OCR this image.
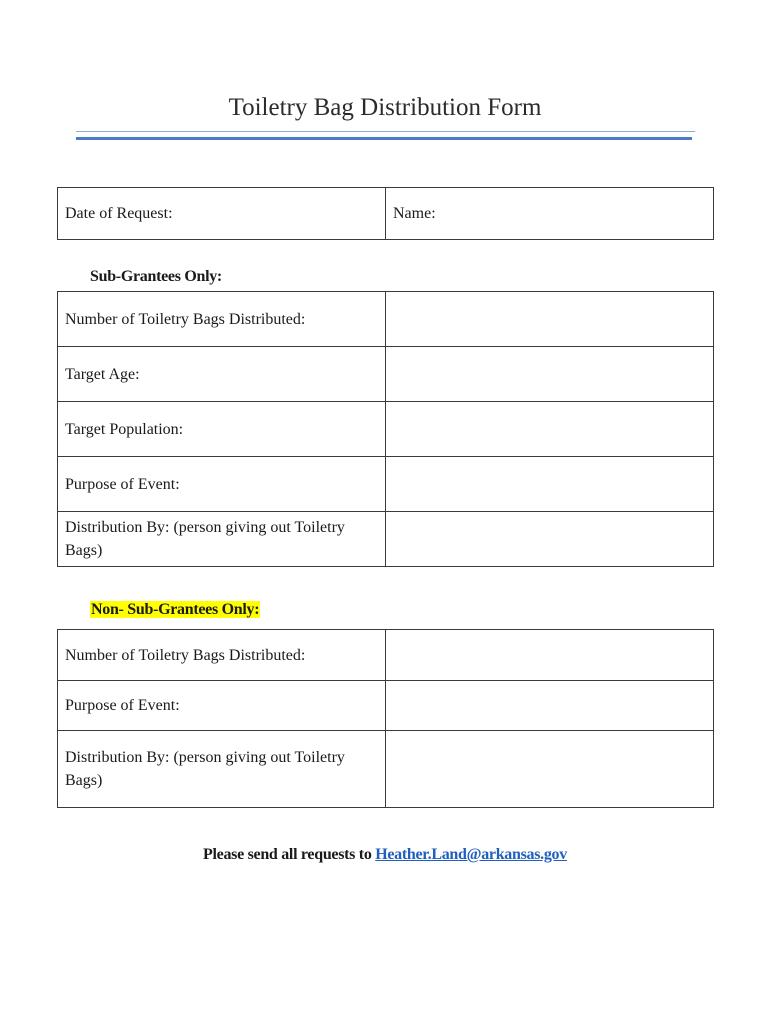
Toiletry Bag Distribution Form
Date of Request:	Name:
Sub-Grantees Only:
Number of Toiletry Bags Distributed:	
Target Age:	
Target Population:	
Purpose of Event:	
Distribution By: (person giving out Toiletry Bags)	
Non- Sub-Grantees Only:
Number of Toiletry Bags Distributed:	
Purpose of Event:	
Distribution By: (person giving out Toiletry Bags)	
Please send all requests to Heather.Land@arkansas.gov
